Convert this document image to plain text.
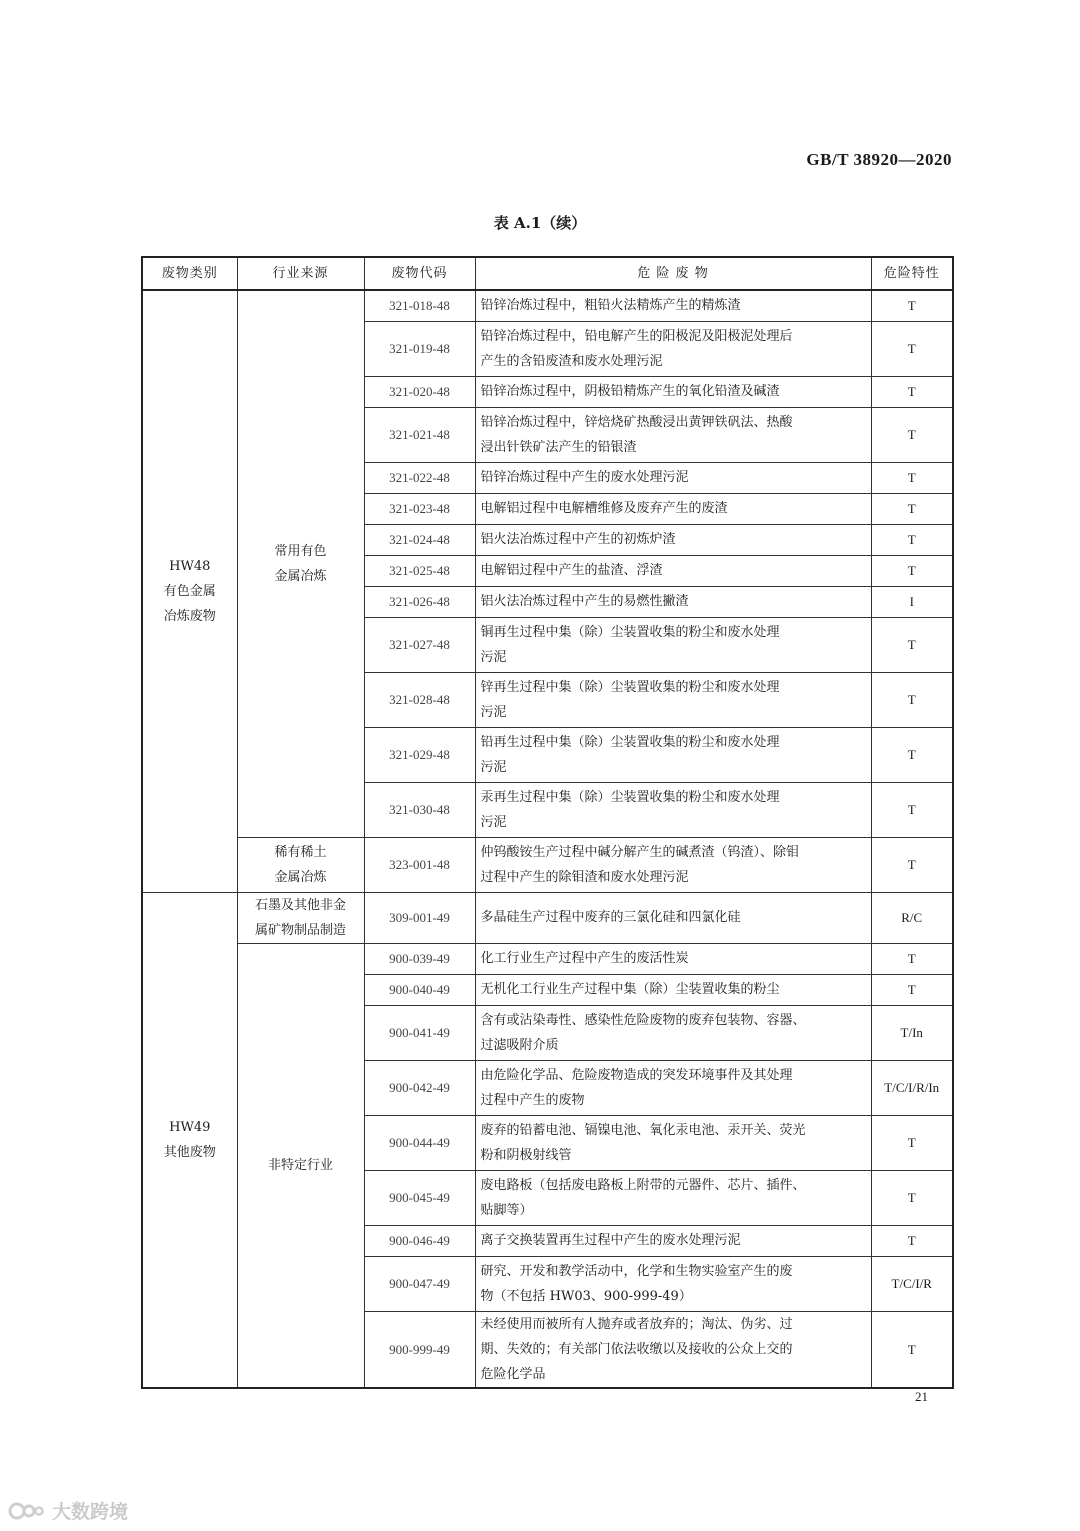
GB/T 38920—2020
表 A.1（续）
废物类别	行业来源	废物代码	危 险 废 物	危险特性

HW48
有色金属
冶炼废物	常用有色
金属冶炼	321-018-48	铅锌冶炼过程中，粗铅火法精炼产生的精炼渣	T
		321-019-48	铅锌冶炼过程中，铅电解产生的阳极泥及阳极泥处理后
产生的含铅废渣和废水处理污泥	T
		321-020-48	铅锌冶炼过程中，阴极铅精炼产生的氧化铅渣及碱渣	T
		321-021-48	铅锌冶炼过程中，锌焙烧矿热酸浸出黄钾铁矾法、热酸
浸出针铁矿法产生的铅银渣	T
		321-022-48	铅锌冶炼过程中产生的废水处理污泥	T
		321-023-48	电解铝过程中电解槽维修及废弃产生的废渣	T
		321-024-48	铝火法冶炼过程中产生的初炼炉渣	T
		321-025-48	电解铝过程中产生的盐渣、浮渣	T
		321-026-48	铝火法冶炼过程中产生的易燃性撇渣	I
		321-027-48	铜再生过程中集（除）尘装置收集的粉尘和废水处理
污泥	T
		321-028-48	锌再生过程中集（除）尘装置收集的粉尘和废水处理
污泥	T
		321-029-48	铅再生过程中集（除）尘装置收集的粉尘和废水处理
污泥	T
		321-030-48	汞再生过程中集（除）尘装置收集的粉尘和废水处理
污泥	T

	稀有稀土
金属冶炼	323-001-48	仲钨酸铵生产过程中碱分解产生的碱煮渣（钨渣）、除钼
过程中产生的除钼渣和废水处理污泥	T

HW49
其他废物	石墨及其他非金
属矿物制品制造	309-001-49	多晶硅生产过程中废弃的三氯化硅和四氯化硅	R/C

	非特定行业	900-039-49	化工行业生产过程中产生的废活性炭	T
		900-040-49	无机化工行业生产过程中集（除）尘装置收集的粉尘	T
		900-041-49	含有或沾染毒性、感染性危险废物的废弃包装物、容器、
过滤吸附介质	T/In
		900-042-49	由危险化学品、危险废物造成的突发环境事件及其处理
过程中产生的废物	T/C/I/R/In
		900-044-49	废弃的铅蓄电池、镉镍电池、氧化汞电池、汞开关、荧光
粉和阴极射线管	T
		900-045-49	废电路板（包括废电路板上附带的元器件、芯片、插件、
贴脚等）	T
		900-046-49	离子交换装置再生过程中产生的废水处理污泥	T
		900-047-49	研究、开发和教学活动中，化学和生物实验室产生的废
物（不包括 HW03、900-999-49）	T/C/I/R
		900-999-49	未经使用而被所有人抛弃或者放弃的；淘汰、伪劣、过
期、失效的；有关部门依法收缴以及接收的公众上交的
危险化学品	T
21
大数跨境
